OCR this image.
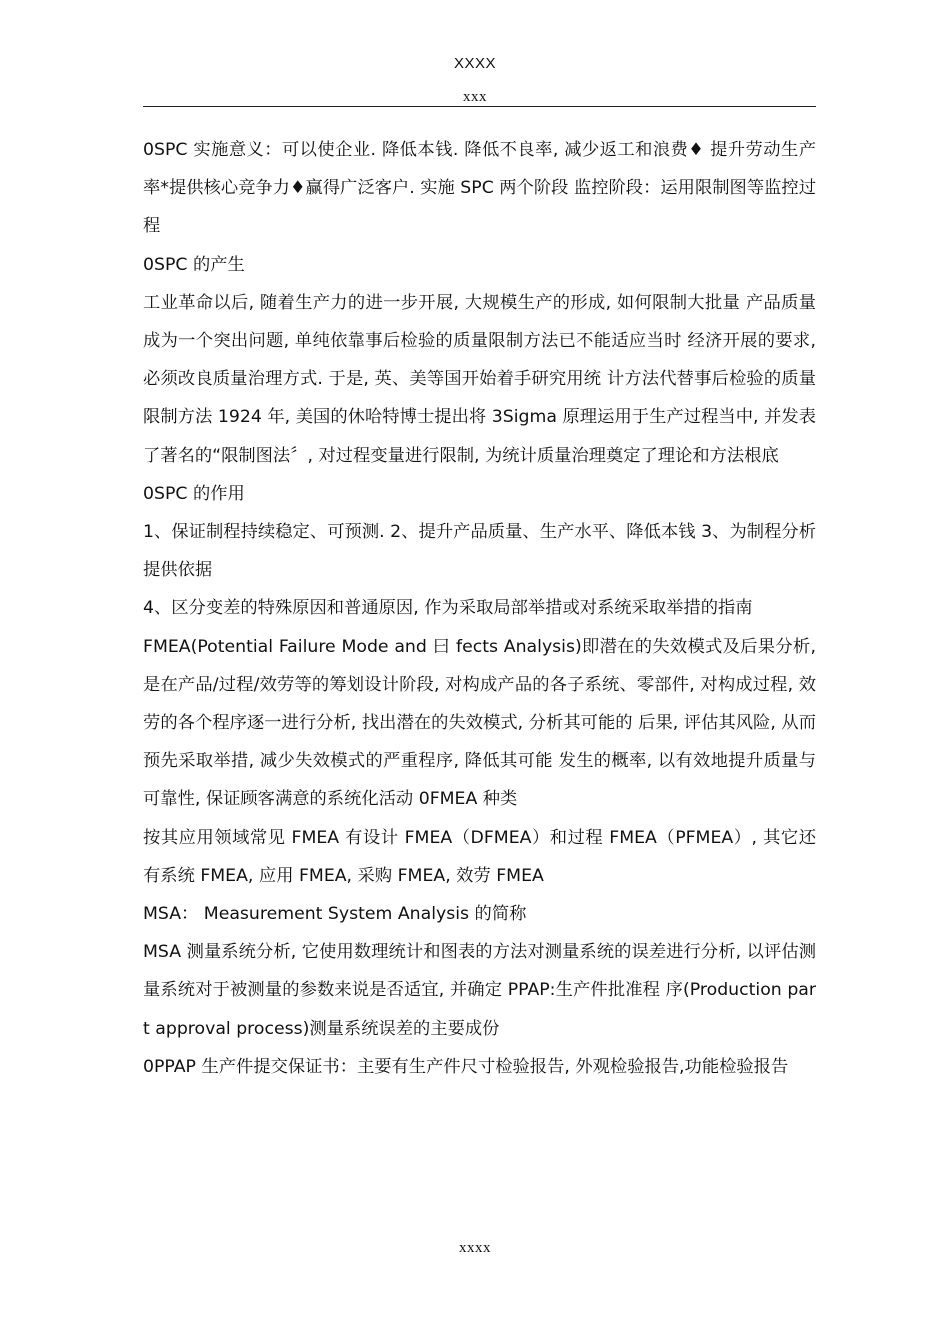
XXXX
xxx

0SPC 实施意义：可以使企业. 降低本钱. 降低不良率, 减少返工和浪费♦ 提升劳动生产率*提供核心竞争力♦赢得广泛客户. 实施 SPC 两个阶段 监控阶段：运用限制图等监控过程

0SPC 的产生

工业革命以后, 随着生产力的进一步开展, 大规模生产的形成, 如何限制大批量 产品质量成为一个突出问题, 单纯依靠事后检验的质量限制方法已不能适应当时 经济开展的要求, 必须改良质量治理方式. 于是, 英、美等国开始着手研究用统 计方法代替事后检验的质量限制方法 1924 年, 美国的休哈特博士提出将 3Sigma 原理运用于生产过程当中, 并发表了著名的“限制图法〞, 对过程变量进行限制, 为统计质量治理奠定了理论和方法根底

0SPC 的作用

1、保证制程持续稳定、可预测. 2、提升产品质量、生产水平、降低本钱 3、为制程分析提供依据

4、区分变差的特殊原因和普通原因, 作为采取局部举措或对系统采取举措的指南

FMEA(Potential Failure Mode and 曰 fects Analysis)即潜在的失效模式及后果分析, 是在产品/过程/效劳等的筹划设计阶段, 对构成产品的各子系统、零部件, 对构成过程, 效劳的各个程序逐一进行分析, 找出潜在的失效模式, 分析其可能的 后果, 评估其风险, 从而预先采取举措, 减少失效模式的严重程序, 降低其可能 发生的概率, 以有效地提升质量与可靠性, 保证顾客满意的系统化活动 0FMEA 种类

按其应用领域常见 FMEA 有设计 FMEA（DFMEA）和过程 FMEA（PFMEA）, 其它还有系统 FMEA, 应用 FMEA, 采购 FMEA, 效劳 FMEA

MSA： Measurement System Analysis 的简称

MSA 测量系统分析, 它使用数理统计和图表的方法对测量系统的误差进行分析, 以评估测量系统对于被测量的参数来说是否适宜, 并确定 PPAP:生产件批准程 序(Production part approval process)测量系统误差的主要成份

0PPAP 生产件提交保证书：主要有生产件尺寸检验报告, 外观检验报告,功能检验报告

xxxx
